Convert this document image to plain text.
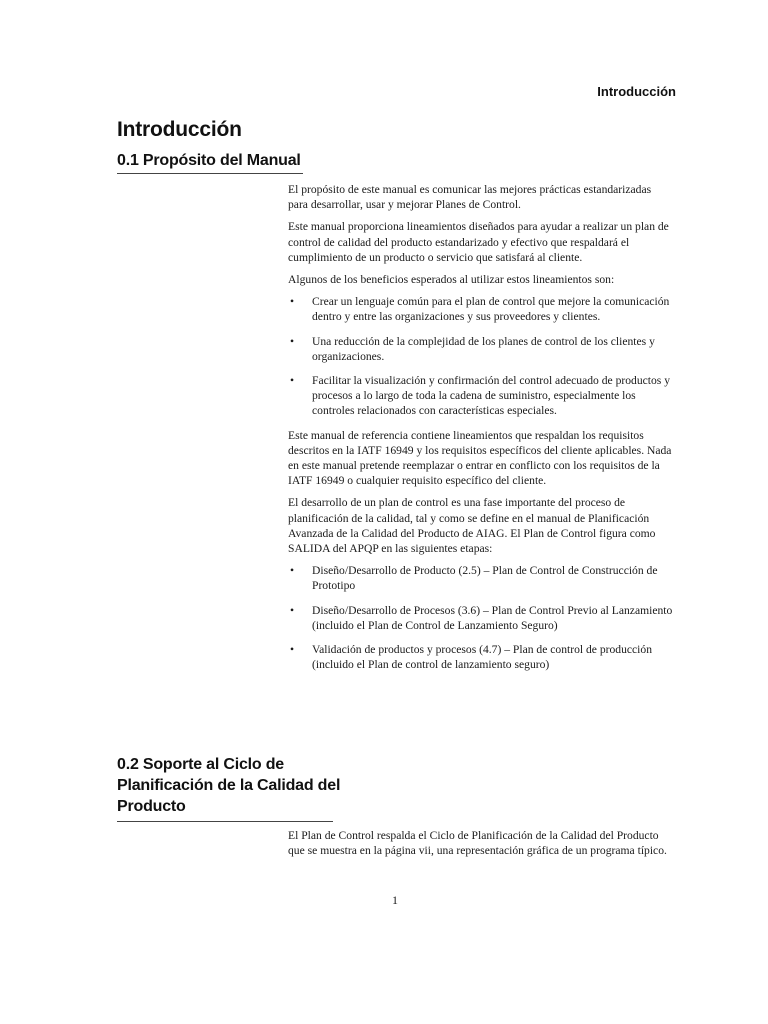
Introducción
Introducción
0.1 Propósito del Manual

El propósito de este manual es comunicar las mejores prácticas estandarizadas para desarrollar, usar y mejorar Planes de Control.

Este manual proporciona lineamientos diseñados para ayudar a realizar un plan de control de calidad del producto estandarizado y efectivo que respaldará el cumplimiento de un producto o servicio que satisfará al cliente.

Algunos de los beneficios esperados al utilizar estos lineamientos son:

• Crear un lenguaje común para el plan de control que mejore la comunicación dentro y entre las organizaciones y sus proveedores y clientes.
• Una reducción de la complejidad de los planes de control de los clientes y organizaciones.
• Facilitar la visualización y confirmación del control adecuado de productos y procesos a lo largo de toda la cadena de suministro, especialmente los controles relacionados con características especiales.

Este manual de referencia contiene lineamientos que respaldan los requisitos descritos en la IATF 16949 y los requisitos específicos del cliente aplicables. Nada en este manual pretende reemplazar o entrar en conflicto con los requisitos de la IATF 16949 o cualquier requisito específico del cliente.

El desarrollo de un plan de control es una fase importante del proceso de planificación de la calidad, tal y como se define en el manual de Planificación Avanzada de la Calidad del Producto de AIAG. El Plan de Control figura como SALIDA del APQP en las siguientes etapas:

• Diseño/Desarrollo de Producto (2.5) – Plan de Control de Construcción de Prototipo
• Diseño/Desarrollo de Procesos (3.6) – Plan de Control Previo al Lanzamiento (incluido el Plan de Control de Lanzamiento Seguro)
• Validación de productos y procesos (4.7) – Plan de control de producción (incluido el Plan de control de lanzamiento seguro)
0.2 Soporte al Ciclo de Planificación de la Calidad del Producto

El Plan de Control respalda el Ciclo de Planificación de la Calidad del Producto que se muestra en la página vii, una representación gráfica de un programa típico.

1
